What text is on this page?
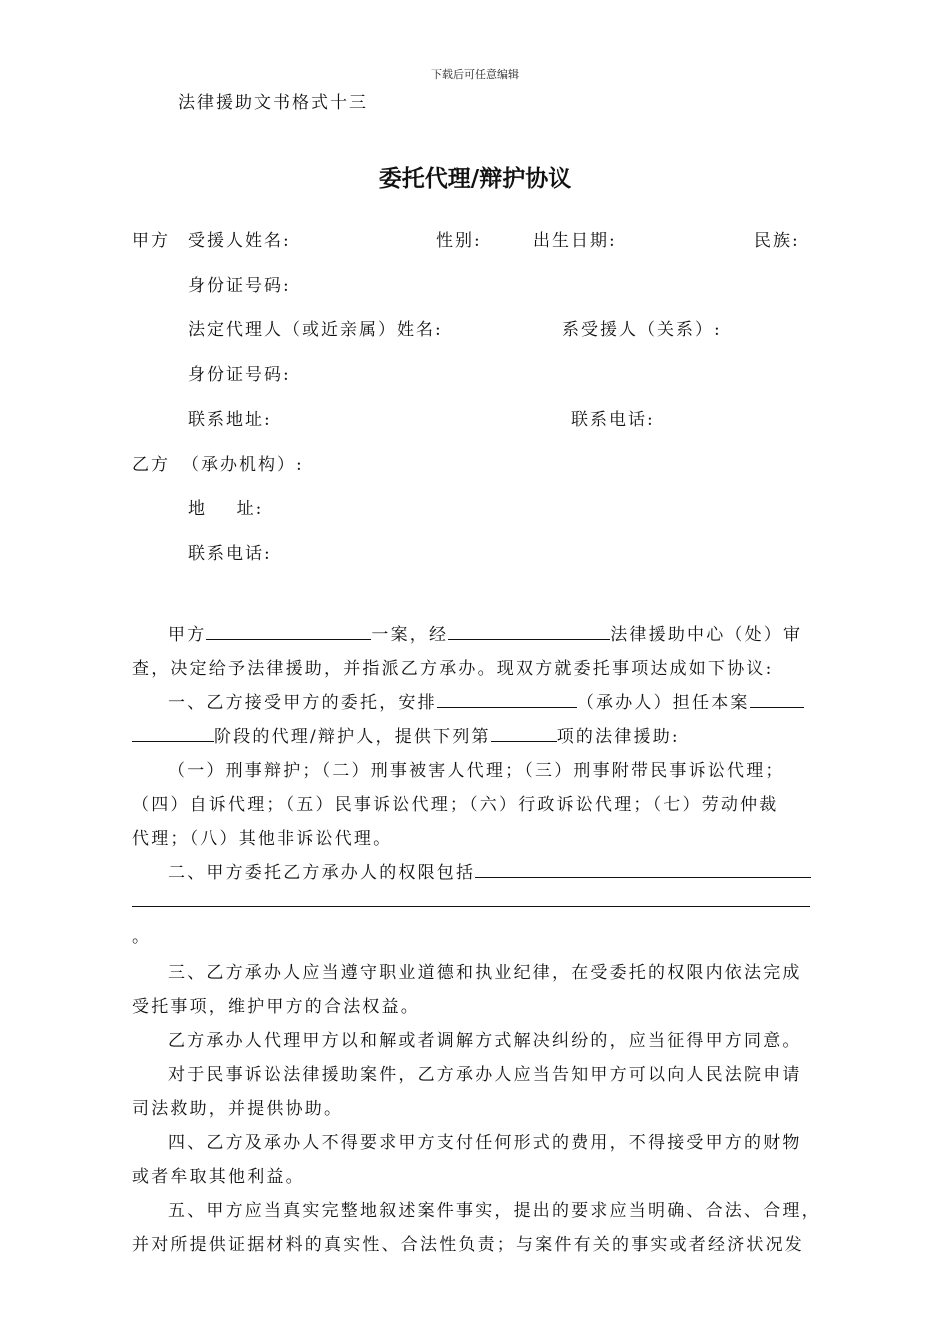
下载后可任意编辑
法律援助文书格式十三
委托代理/辩护协议
甲方 受援人姓名:	性别:	出生日期:	民族:
身份证号码:
法定代理人（或近亲属）姓名:	系受援人（关系）:
身份证号码:
联系地址:	联系电话:
乙方 （承办机构）:
地    址:
联系电话:
甲方	一案，经	法律援助中心（处）审
查，决定给予法律援助，并指派乙方承办。现双方就委托事项达成如下协议:
一、乙方接受甲方的委托，安排	（承办人）担任本案
阶段的代理/辩护人，提供下列第	项的法律援助:
（一）刑事辩护；（二）刑事被害人代理；（三）刑事附带民事诉讼代理；
（四）自诉代理；（五）民事诉讼代理；（六）行政诉讼代理；（七）劳动仲裁
代理；（八）其他非诉讼代理。
二、甲方委托乙方承办人的权限包括
。
三、乙方承办人应当遵守职业道德和执业纪律，在受委托的权限内依法完成
受托事项，维护甲方的合法权益。
乙方承办人代理甲方以和解或者调解方式解决纠纷的，应当征得甲方同意。
对于民事诉讼法律援助案件，乙方承办人应当告知甲方可以向人民法院申请
司法救助，并提供协助。
四、乙方及承办人不得要求甲方支付任何形式的费用，不得接受甲方的财物
或者牟取其他利益。
五、甲方应当真实完整地叙述案件事实，提出的要求应当明确、合法、合理，
并对所提供证据材料的真实性、合法性负责；与案件有关的事实或者经济状况发
